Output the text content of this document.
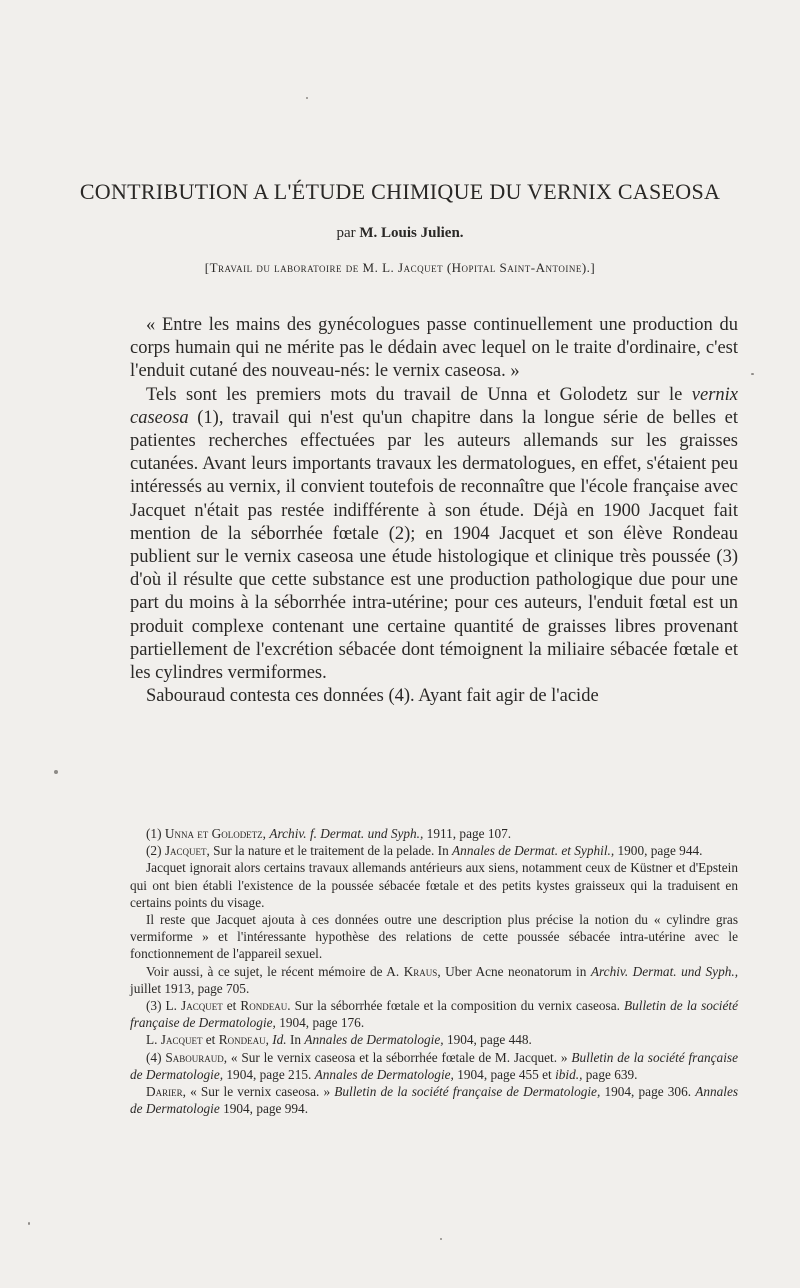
CONTRIBUTION A L'ÉTUDE CHIMIQUE DU VERNIX CASEOSA
par M. Louis Julien.
[Travail du laboratoire de M. L. Jacquet (Hopital Saint-Antoine).]

« Entre les mains des gynécologues passe continuellement une production du corps humain qui ne mérite pas le dédain avec lequel on le traite d'ordinaire, c'est l'enduit cutané des nouveau-nés: le vernix caseosa. »

Tels sont les premiers mots du travail de Unna et Golodetz sur le vernix caseosa (1), travail qui n'est qu'un chapitre dans la longue série de belles et patientes recherches effectuées par les auteurs allemands sur les graisses cutanées. Avant leurs importants travaux les dermatologues, en effet, s'étaient peu intéressés au vernix, il convient toutefois de reconnaître que l'école française avec Jacquet n'était pas restée indifférente à son étude. Déjà en 1900 Jacquet fait mention de la séborrhée fœtale (2); en 1904 Jacquet et son élève Rondeau publient sur le vernix caseosa une étude histologique et clinique très poussée (3) d'où il résulte que cette substance est une production pathologique due pour une part du moins à la séborrhée intra-utérine; pour ces auteurs, l'enduit fœtal est un produit complexe contenant une certaine quantité de graisses libres provenant partiellement de l'excrétion sébacée dont témoignent la miliaire sébacée fœtale et les cylindres vermiformes.

Sabouraud contesta ces données (4). Ayant fait agir de l'acide

(1) Unna et Golodetz, Archiv. f. Dermat. und Syph., 1911, page 107.

(2) Jacquet, Sur la nature et le traitement de la pelade. In Annales de Dermat. et Syphil., 1900, page 944.

Jacquet ignorait alors certains travaux allemands antérieurs aux siens, notamment ceux de Küstner et d'Epstein qui ont bien établi l'existence de la poussée sébacée fœtale et des petits kystes graisseux qui la traduisent en certains points du visage.

Il reste que Jacquet ajouta à ces données outre une description plus précise la notion du « cylindre gras vermiforme » et l'intéressante hypothèse des relations de cette poussée sébacée intra-utérine avec le fonctionnement de l'appareil sexuel.

Voir aussi, à ce sujet, le récent mémoire de A. Kraus, Uber Acne neonatorum in Archiv. Dermat. und Syph., juillet 1913, page 705.

(3) L. Jacquet et Rondeau. Sur la séborrhée fœtale et la composition du vernix caseosa. Bulletin de la société française de Dermatologie, 1904, page 176.

L. Jacquet et Rondeau, Id. In Annales de Dermatologie, 1904, page 448.

(4) Sabouraud, « Sur le vernix caseosa et la séborrhée fœtale de M. Jacquet. » Bulletin de la société française de Dermatologie, 1904, page 215. Annales de Dermatologie, 1904, page 455 et ibid., page 639.

Darier, « Sur le vernix caseosa. » Bulletin de la société française de Dermatologie, 1904, page 306. Annales de Dermatologie 1904, page 994.
